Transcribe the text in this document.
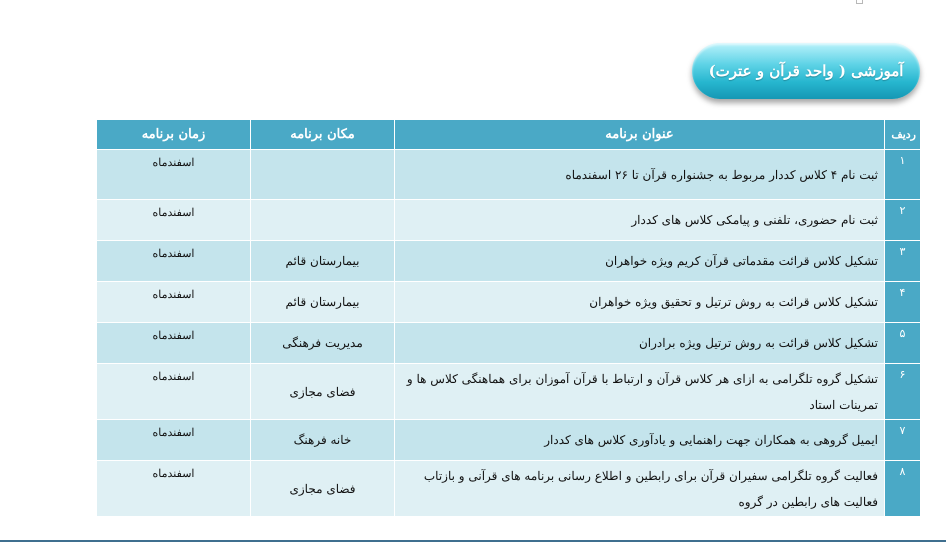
آموزشی ( واحد قرآن و عترت)
ردیف	عنوان برنامه	مکان برنامه	زمان برنامه
۱	ثبت نام ۴ کلاس کددار مربوط به جشنواره قرآن تا ۲۶ اسفندماه		اسفندماه
۲	ثبت نام حضوری، تلفنی و پیامکی کلاس های کددار		اسفندماه
۳	تشکیل کلاس قرائت مقدماتی قرآن کریم ویژه خواهران	بیمارستان قائم	اسفندماه
۴	تشکیل کلاس قرائت به روش ترتیل و تحقیق ویژه خواهران	بیمارستان قائم	اسفندماه
۵	تشکیل کلاس قرائت به روش ترتیل ویژه برادران	مدیریت فرهنگی	اسفندماه
۶	تشکیل گروه تلگرامی به ازای هر کلاس قرآن و ارتباط با قرآن آموزان برای هماهنگی کلاس ها و تمرینات استاد	فضای مجازی	اسفندماه
۷	ایمیل گروهی به همکاران جهت راهنمایی و یادآوری کلاس های کددار	خانه فرهنگ	اسفندماه
۸	فعالیت گروه تلگرامی سفیران قرآن برای رابطین و اطلاع رسانی برنامه های قرآنی و بازتاب فعالیت های رابطین در گروه	فضای مجازی	اسفندماه
